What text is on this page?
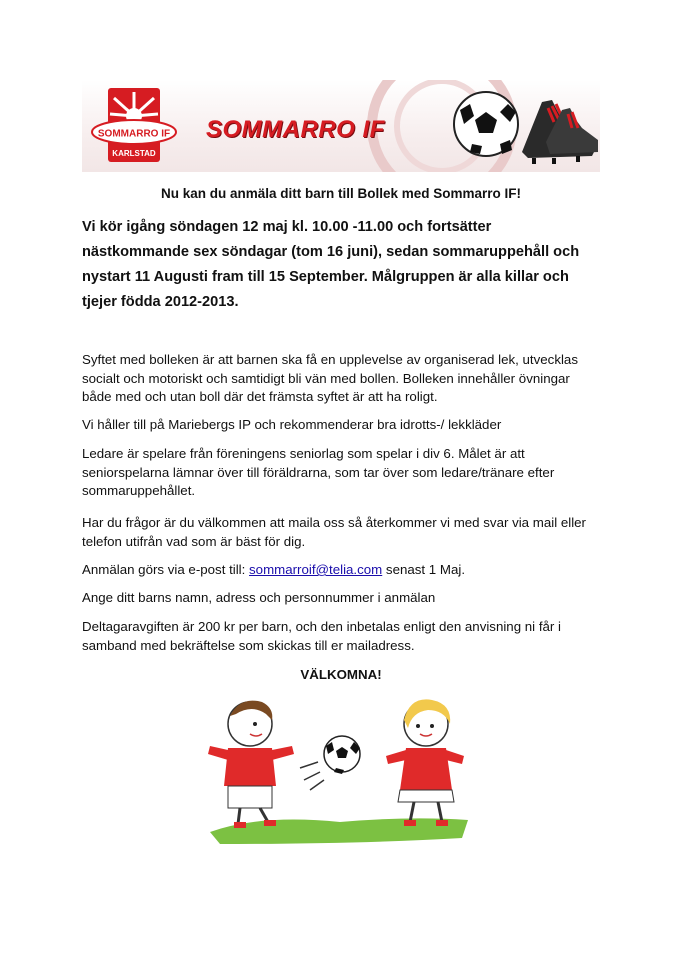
SOMMARRO IF
KARLSTAD
SOMMARRO IF
Nu kan du anmäla ditt barn till Bollek med Sommarro IF!
Vi kör igång söndagen 12 maj kl. 10.00 -11.00 och fortsätter nästkommande sex söndagar (tom 16 juni), sedan sommaruppehåll och nystart 11 Augusti fram till 15 September. Målgruppen är alla killar och tjejer födda 2012-2013.
Syftet med bolleken är att barnen ska få en upplevelse av organiserad lek, utvecklas socialt och motoriskt och samtidigt bli vän med bollen. Bolleken innehåller övningar både med och utan boll där det främsta syftet är att ha roligt.
Vi håller till på Mariebergs IP och rekommenderar bra idrotts-/ lekkläder
Ledare är spelare från föreningens seniorlag som spelar i div 6. Målet är att seniorspelarna lämnar över till föräldrarna, som tar över som ledare/tränare efter sommaruppehållet.
Har du frågor är du välkommen att maila oss så återkommer vi med svar via mail eller telefon utifrån vad som är bäst för dig.
Anmälan görs via e-post till: sommarroif@telia.com senast 1 Maj.
Ange ditt barns namn, adress och personnummer i anmälan
Deltagaravgiften är 200 kr per barn, och den inbetalas enligt den anvisning ni får i samband med bekräftelse som skickas till er mailadress.
VÄLKOMNA!
